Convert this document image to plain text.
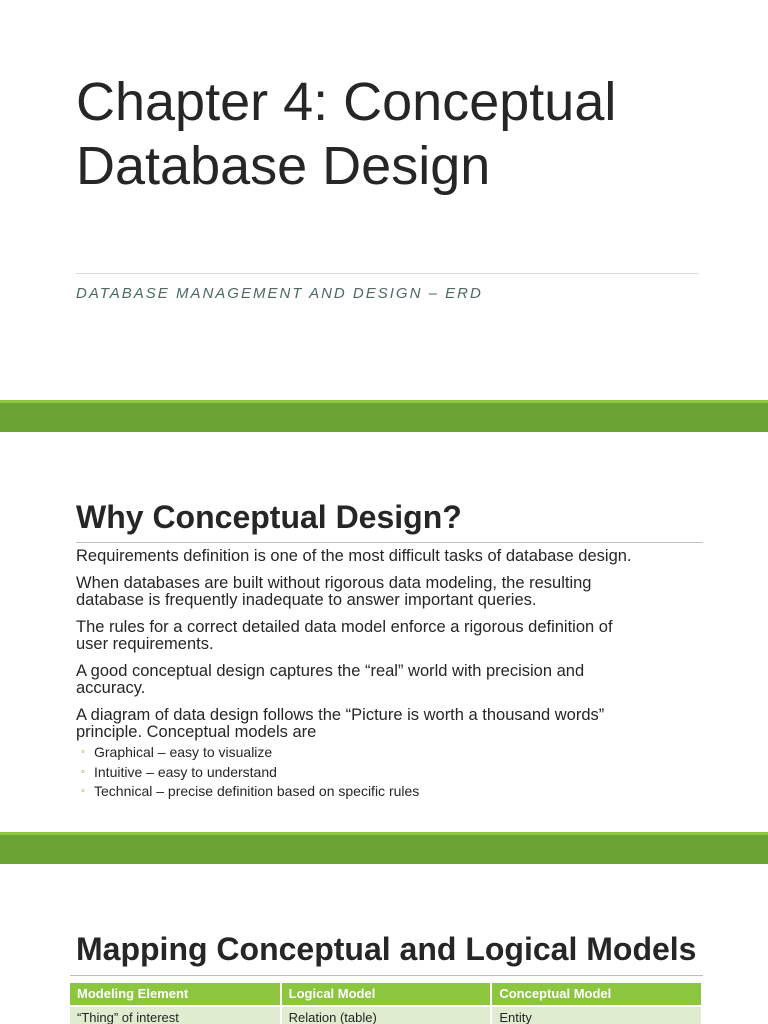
Chapter 4: Conceptual
Database Design
DATABASE MANAGEMENT AND DESIGN – ERD
Why Conceptual Design?

Requirements definition is one of the most difficult tasks of database design.

When databases are built without rigorous data modeling, the resulting
database is frequently inadequate to answer important queries.

The rules for a correct detailed data model enforce a rigorous definition of
user requirements.

A good conceptual design captures the “real” world with precision and
accuracy.

A diagram of data design follows the “Picture is worth a thousand words”
principle. Conceptual models are

◦ Graphical – easy to visualize
◦ Intuitive – easy to understand
◦ Technical – precise definition based on specific rules
Mapping Conceptual and Logical Models
Modeling Element	Logical Model	Conceptual Model
“Thing” of interest	Relation (table)	Entity
